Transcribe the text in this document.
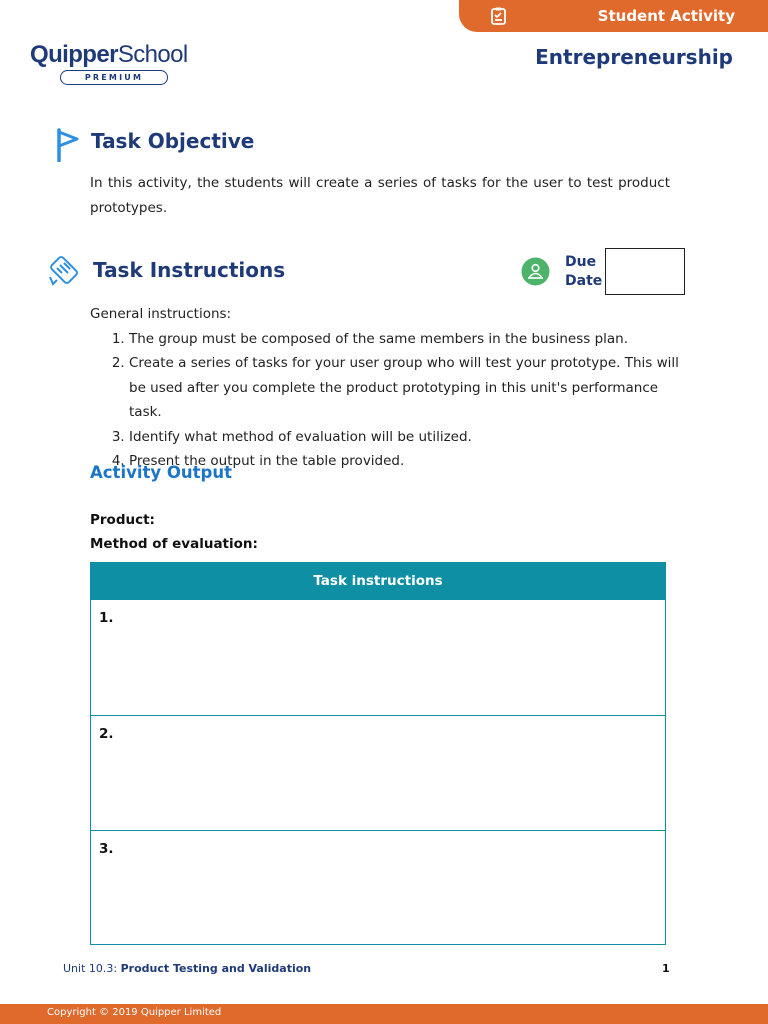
Student Activity
QuipperSchool
PREMIUM
Entrepreneurship
Task Objective
In this activity, the students will create a series of tasks for the user to test product prototypes.
Task Instructions	Due
Date
General instructions:
1. The group must be composed of the same members in the business plan.
2. Create a series of tasks for your user group who will test your prototype. This will be used after you complete the product prototyping in this unit's performance task.
3. Identify what method of evaluation will be utilized.
4. Present the output in the table provided.
Activity Output
Product:
Method of evaluation:
Task instructions
1.
2.
3.
Unit 10.3: Product Testing and Validation	1
Copyright © 2019 Quipper Limited
